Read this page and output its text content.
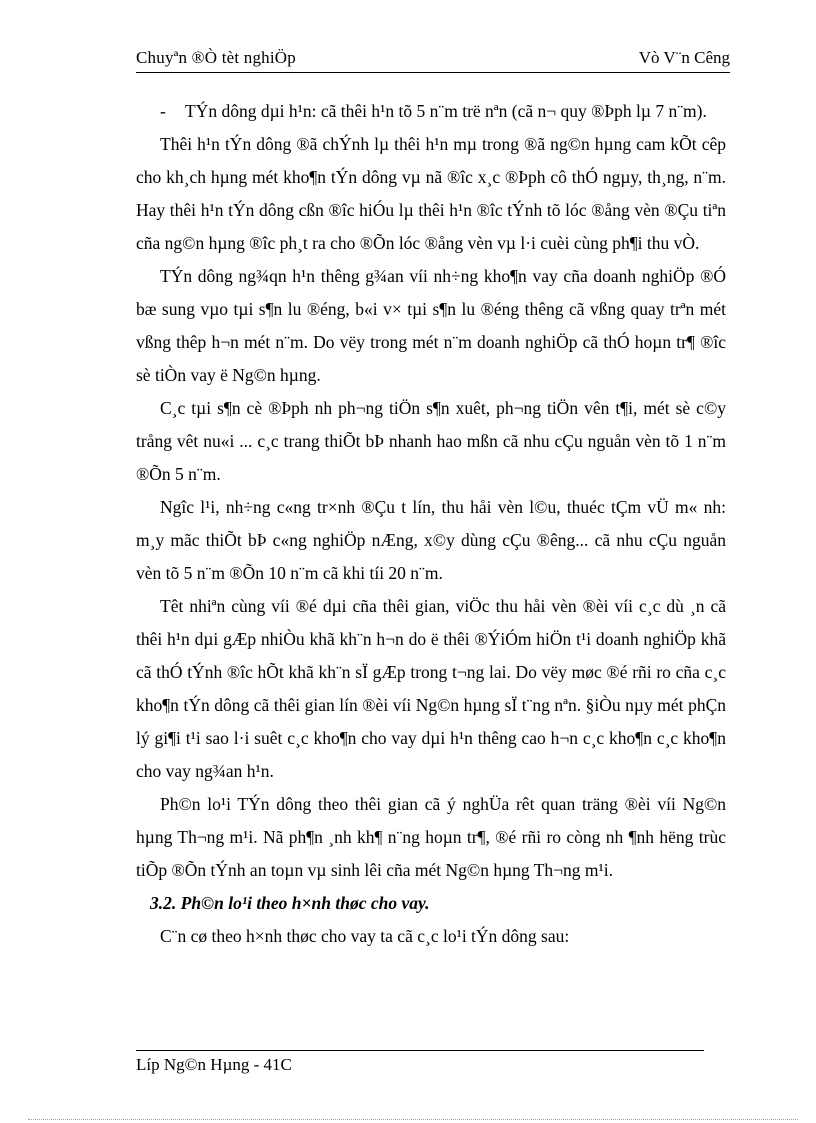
Chuyªn ®Ò tèt nghiÖp	Vò V¨n Cêng

- TÝn dông dµi h¹n: cã thêi h¹n tõ 5 n¨m trë nªn (cã n¬ quy ®Þph lµ 7 n¨m).

Thêi h¹n tÝn dông ®ã chÝnh lµ thêi h¹n mµ trong ®ã ng©n hµng cam kÕt cêp cho kh¸ch hµng mét kho¶n tÝn dông vµ nã ®îc x¸c ®Þph cô thÓ ngµy, th¸ng, n¨m. Hay thêi h¹n tÝn dông cßn ®îc hiÓu lµ thêi h¹n ®îc tÝnh tõ lóc ®ång vèn ®Çu tiªn cña ng©n hµng ®îc ph¸t ra cho ®Õn lóc ®ång vèn vµ l·i cuèi cùng ph¶i thu vÒ.

TÝn dông ng¾qn h¹n thêng g¾an víi nh÷ng kho¶n vay cña doanh nghiÖp ®Ó bæ sung vµo tµi s¶n lu ®éng, b«i v× tµi s¶n lu ®éng thêng cã vßng quay trªn mét vßng thêp h¬n mét n¨m. Do vëy trong mét n¨m doanh nghiÖp cã thÓ hoµn tr¶ ®îc sè tiÒn vay ë Ng©n hµng.

C¸c tµi s¶n cè ®Þph nh ph¬ng tiÖn s¶n xuêt, ph¬ng tiÖn vên t¶i, mét sè c©y trång vêt nu«i ... c¸c trang thiÕt bÞ nhanh hao mßn cã nhu cÇu nguån vèn tõ 1 n¨m ®Õn 5 n¨m.

Ngîc l¹i, nh÷ng c«ng tr×nh ®Çu t lín, thu håi vèn l©u, thuéc tÇm vÜ m« nh: m¸y mãc thiÕt bÞ c«ng nghiÖp nÆng, x©y dùng cÇu ®êng... cã nhu cÇu nguån vèn tõ 5 n¨m ®Õn 10 n¨m cã khi tíi 20 n¨m.

Têt nhiªn cùng víi ®é dµi cña thêi gian, viÖc thu håi vèn ®èi víi c¸c dù ¸n cã thêi h¹n dµi gÆp nhiÒu khã kh¨n h¬n do ë thêi ®ÝiÓm hiÖn t¹i doanh nghiÖp khã cã thÓ tÝnh ®îc hÕt khã kh¨n sÏ gÆp trong t¬ng lai. Do vëy møc ®é rñi ro cña c¸c kho¶n tÝn dông cã thêi gian lín ®èi víi Ng©n hµng sÏ t¨ng nªn. §iÒu nµy mét phÇn lý gi¶i t¹i sao l·i suêt c¸c kho¶n cho vay dµi h¹n thêng cao h¬n c¸c kho¶n c¸c kho¶n cho vay ng¾an h¹n.

Ph©n lo¹i TÝn dông theo thêi gian cã ý nghÜa rêt quan träng ®èi víi Ng©n hµng Th¬ng m¹i. Nã ph¶n ¸nh kh¶ n¨ng hoµn tr¶, ®é rñi ro còng nh ¶nh hëng trùc tiÕp ®Õn tÝnh an toµn vµ sinh lêi cña mét Ng©n hµng Th¬ng m¹i.

3.2. Ph©n lo¹i theo h×nh thøc cho vay.

C¨n cø theo h×nh thøc cho vay ta cã c¸c lo¹i tÝn dông sau:

Líp Ng©n Hµng - 41C
